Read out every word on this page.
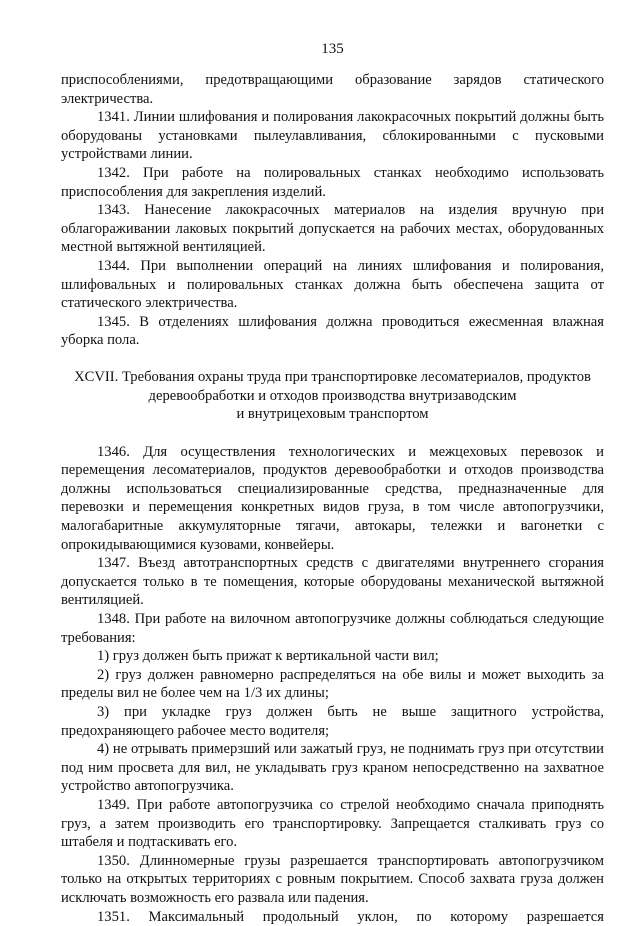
135

приспособлениями, предотвращающими образование зарядов статического электричества.

1341. Линии шлифования и полирования лакокрасочных покрытий должны быть оборудованы установками пылеулавливания, сблокированными с пусковыми устройствами линии.

1342. При работе на полировальных станках необходимо использовать приспособления для закрепления изделий.

1343. Нанесение лакокрасочных материалов на изделия вручную при облагораживании лаковых покрытий допускается на рабочих местах, оборудованных местной вытяжной вентиляцией.

1344. При выполнении операций на линиях шлифования и полирования, шлифовальных и полировальных станках должна быть обеспечена защита от статического электричества.

1345. В отделениях шлифования должна проводиться ежесменная влажная уборка пола.

XCVII. Требования охраны труда при транспортировке лесоматериалов, продуктов
деревообработки и отходов производства внутризаводским
и внутрицеховым транспортом

1346. Для осуществления технологических и межцеховых перевозок и перемещения лесоматериалов, продуктов деревообработки и отходов производства должны использоваться специализированные средства, предназначенные для перевозки и перемещения конкретных видов груза, в том числе автопогрузчики, малогабаритные аккумуляторные тягачи, автокары, тележки и вагонетки с опрокидывающимися кузовами, конвейеры.

1347. Въезд автотранспортных средств с двигателями внутреннего сгорания допускается только в те помещения, которые оборудованы механической вытяжной вентиляцией.

1348. При работе на вилочном автопогрузчике должны соблюдаться следующие требования:

1) груз должен быть прижат к вертикальной части вил;

2) груз должен равномерно распределяться на обе вилы и может выходить за пределы вил не более чем на 1/3 их длины;

3) при укладке груз должен быть не выше защитного устройства, предохраняющего рабочее место водителя;

4) не отрывать примерзший или зажатый груз, не поднимать груз при отсутствии под ним просвета для вил, не укладывать груз краном непосредственно на захватное устройство автопогрузчика.

1349. При работе автопогрузчика со стрелой необходимо сначала приподнять груз, а затем производить его транспортировку. Запрещается сталкивать груз со штабеля и подтаскивать его.

1350. Длинномерные грузы разрешается транспортировать автопогрузчиком только на открытых территориях с ровным покрытием. Способ захвата груза должен исключать возможность его развала или падения.

1351. Максимальный продольный уклон, по которому разрешается
